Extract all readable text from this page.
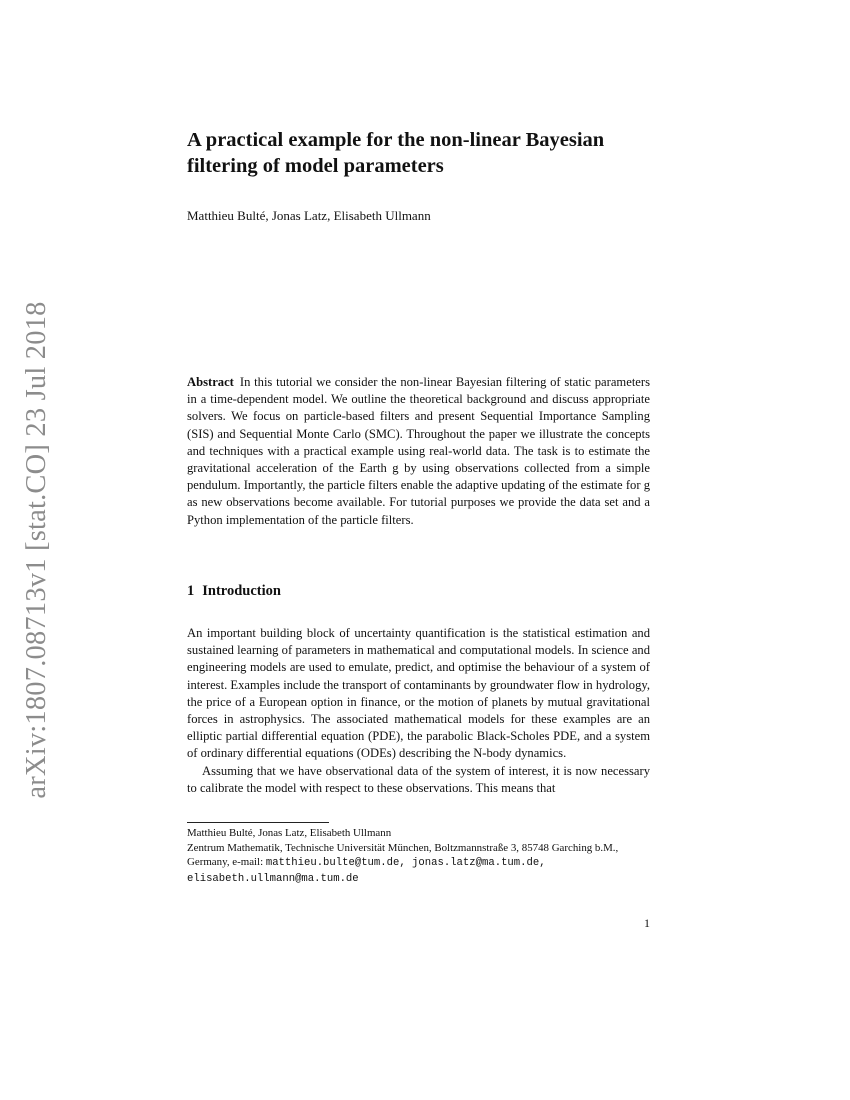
arXiv:1807.08713v1 [stat.CO] 23 Jul 2018
A practical example for the non-linear Bayesian filtering of model parameters
Matthieu Bulté, Jonas Latz, Elisabeth Ullmann

Abstract In this tutorial we consider the non-linear Bayesian filtering of static parameters in a time-dependent model. We outline the theoretical background and discuss appropriate solvers. We focus on particle-based filters and present Sequential Importance Sampling (SIS) and Sequential Monte Carlo (SMC). Throughout the paper we illustrate the concepts and techniques with a practical example using real-world data. The task is to estimate the gravitational acceleration of the Earth g by using observations collected from a simple pendulum. Importantly, the particle filters enable the adaptive updating of the estimate for g as new observations become available. For tutorial purposes we provide the data set and a Python implementation of the particle filters.

1 Introduction

An important building block of uncertainty quantification is the statistical estimation and sustained learning of parameters in mathematical and computational models. In science and engineering models are used to emulate, predict, and optimise the behaviour of a system of interest. Examples include the transport of contaminants by groundwater flow in hydrology, the price of a European option in finance, or the motion of planets by mutual gravitational forces in astrophysics. The associated mathematical models for these examples are an elliptic partial differential equation (PDE), the parabolic Black-Scholes PDE, and a system of ordinary differential equations (ODEs) describing the N-body dynamics.

Assuming that we have observational data of the system of interest, it is now necessary to calibrate the model with respect to these observations. This means that

Matthieu Bulté, Jonas Latz, Elisabeth Ullmann
Zentrum Mathematik, Technische Universität München, Boltzmannstraße 3, 85748 Garching b.M., Germany, e-mail: matthieu.bulte@tum.de, jonas.latz@ma.tum.de, elisabeth.ullmann@ma.tum.de
1
